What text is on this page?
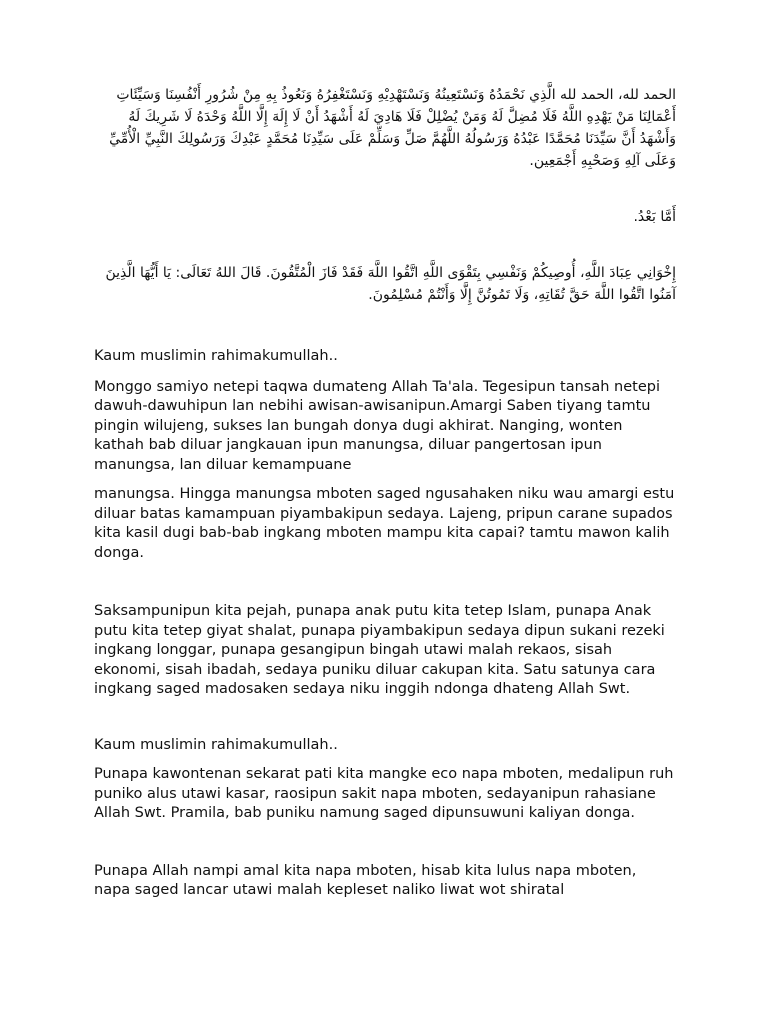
الحمد لله، الحمد لله الَّذِي نَحْمَدُهُ وَنَسْتَعِينُهُ وَنَسْتَهْدِيْهِ وَنَسْتَغْفِرُهُ وَنَعُوذُ بِهِ مِنْ شُرُورِ أَنْفُسِنَا وَسَيِّئَاتِ أَعْمَالِنَا مَنْ يَهْدِهِ اللَّهُ فَلَا مُضِلَّ لَهُ وَمَنْ يُضْلِلْ فَلَا هَادِيَ لَهُ أَشْهَدُ أَنْ لَا إِلَهَ إِلَّا اللَّهُ وَحْدَهُ لَا شَرِيكَ لَهُ وَأَشْهَدُ أَنَّ سَيِّدَنَا مُحَمَّدًا عَبْدُهُ وَرَسُولُهُ اللَّهُمَّ صَلِّ وَسَلِّمْ عَلَى سَيِّدِنَا مُحَمَّدٍ عَبْدِكَ وَرَسُولِكَ النَّبِيِّ الْأُمِّيِّ وَعَلَى آلِهِ وَصَحْبِهِ أَجْمَعِين.

أَمَّا بَعْدُ.

إِخْوَانِي عِبَادَ اللَّهِ، أُوصِيكُمْ وَنَفْسِي بِتَقْوَى اللَّهِ اتَّقُوا اللَّهَ فَقَدْ فَازَ الْمُتَّقُونَ. قَالَ اللهُ تَعَالَى: يَا أَيُّهَا الَّذِينَ آمَنُوا اتَّقُوا اللَّهَ حَقَّ تُقَاتِهِ، وَلَا تَمُوتُنَّ إِلَّا وَأَنْتُمْ مُسْلِمُونَ.

Kaum muslimin rahimakumullah..

Monggo samiyo netepi taqwa dumateng Allah Ta'ala. Tegesipun tansah netepi dawuh-dawuhipun lan nebihi awisan-awisanipun.Amargi Saben tiyang tamtu pingin wilujeng, sukses lan bungah donya dugi akhirat. Nanging, wonten kathah bab diluar jangkauan ipun manungsa, diluar pangertosan ipun manungsa, lan diluar kemampuane

manungsa. Hingga manungsa mboten saged ngusahaken niku wau amargi estu diluar batas kamampuan piyambakipun sedaya. Lajeng, pripun carane supados kita kasil dugi bab-bab ingkang mboten mampu kita capai? tamtu mawon kalih donga.

Saksampunipun kita pejah, punapa anak putu kita tetep Islam, punapa Anak putu kita tetep giyat shalat, punapa piyambakipun sedaya dipun sukani rezeki ingkang longgar, punapa gesangipun bingah utawi malah rekaos, sisah ekonomi, sisah ibadah, sedaya puniku diluar cakupan kita. Satu satunya cara ingkang saged madosaken sedaya niku inggih ndonga dhateng Allah Swt.

Kaum muslimin rahimakumullah..

Punapa kawontenan sekarat pati kita mangke eco napa mboten, medalipun ruh puniko alus utawi kasar, raosipun sakit napa mboten, sedayanipun rahasiane Allah Swt. Pramila, bab puniku namung saged dipunsuwuni kaliyan donga.

Punapa Allah nampi amal kita napa mboten, hisab kita lulus napa mboten, napa saged lancar utawi malah kepleset naliko liwat wot shiratal
